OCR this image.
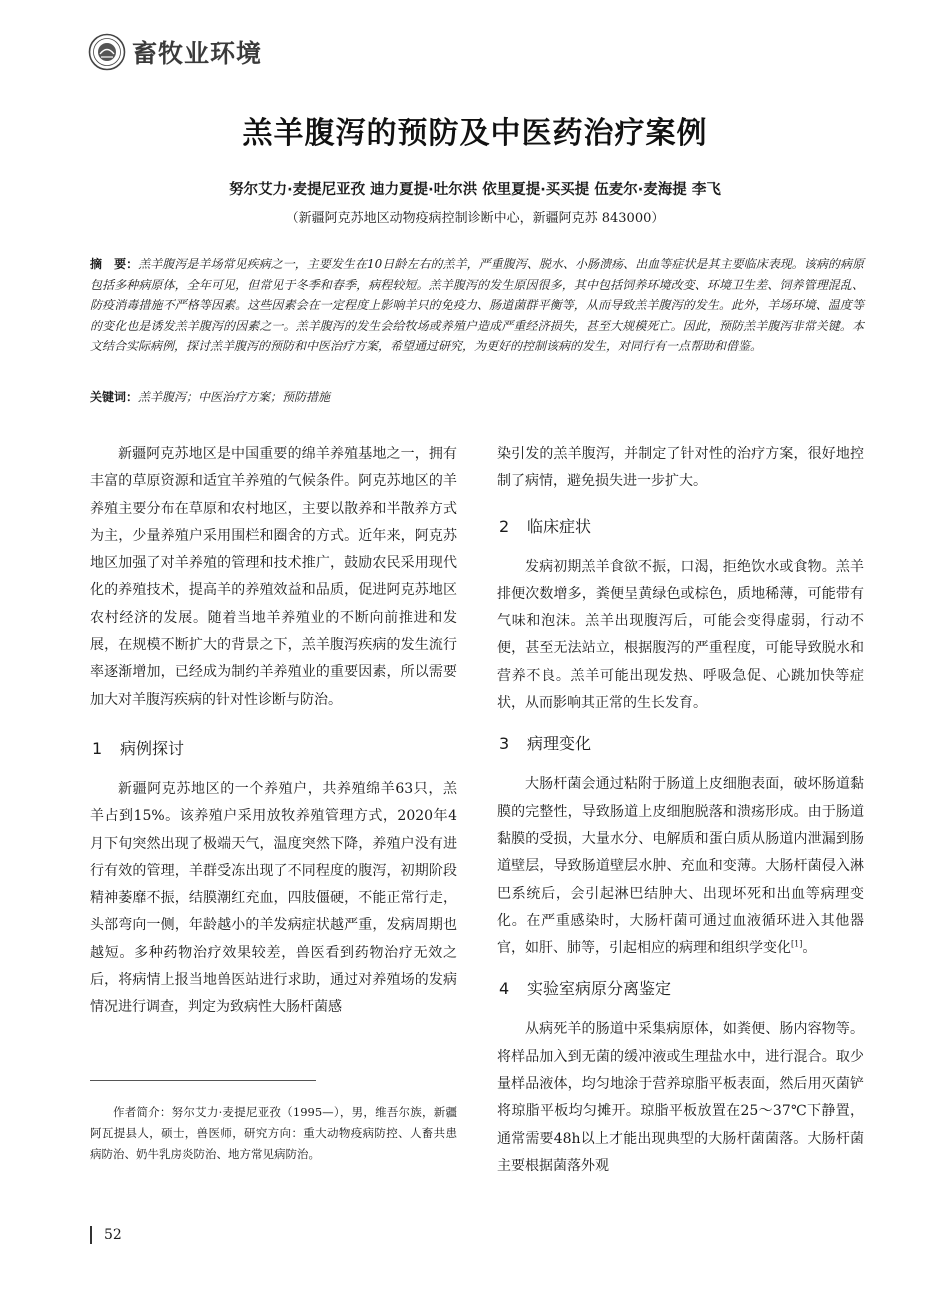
畜牧业环境
羔羊腹泻的预防及中医药治疗案例
努尔艾力·麦提尼亚孜 迪力夏提·吐尔洪 依里夏提·买买提 伍麦尔·麦海提 李飞
（新疆阿克苏地区动物疫病控制诊断中心，新疆阿克苏 843000）
摘　要：羔羊腹泻是羊场常见疾病之一，主要发生在10日龄左右的羔羊，严重腹泻、脱水、小肠溃疡、出血等症状是其主要临床表现。该病的病原包括多种病原体，全年可见，但常见于冬季和春季，病程较短。羔羊腹泻的发生原因很多，其中包括饲养环境改变、环境卫生差、饲养管理混乱、防疫消毒措施不严格等因素。这些因素会在一定程度上影响羊只的免疫力、肠道菌群平衡等，从而导致羔羊腹泻的发生。此外，羊场环境、温度等的变化也是诱发羔羊腹泻的因素之一。羔羊腹泻的发生会给牧场或养殖户造成严重经济损失，甚至大规模死亡。因此，预防羔羊腹泻非常关键。本文结合实际病例，探讨羔羊腹泻的预防和中医治疗方案，希望通过研究，为更好的控制该病的发生，对同行有一点帮助和借鉴。
关键词：羔羊腹泻；中医治疗方案；预防措施

新疆阿克苏地区是中国重要的绵羊养殖基地之一，拥有丰富的草原资源和适宜羊养殖的气候条件。阿克苏地区的羊养殖主要分布在草原和农村地区，主要以散养和半散养方式为主，少量养殖户采用围栏和圈舍的方式。近年来，阿克苏地区加强了对羊养殖的管理和技术推广，鼓励农民采用现代化的养殖技术，提高羊的养殖效益和品质，促进阿克苏地区农村经济的发展。随着当地羊养殖业的不断向前推进和发展，在规模不断扩大的背景之下，羔羊腹泻疾病的发生流行率逐渐增加，已经成为制约羊养殖业的重要因素，所以需要加大对羊腹泻疾病的针对性诊断与防治。

1 病例探讨

新疆阿克苏地区的一个养殖户，共养殖绵羊63只，羔羊占到15%。该养殖户采用放牧养殖管理方式，2020年4月下旬突然出现了极端天气，温度突然下降，养殖户没有进行有效的管理，羊群受冻出现了不同程度的腹泻，初期阶段精神萎靡不振，结膜潮红充血，四肢僵硬，不能正常行走，头部弯向一侧，年龄越小的羊发病症状越严重，发病周期也越短。多种药物治疗效果较差，兽医看到药物治疗无效之后，将病情上报当地兽医站进行求助，通过对养殖场的发病情况进行调查，判定为致病性大肠杆菌感

染引发的羔羊腹泻，并制定了针对性的治疗方案，很好地控制了病情，避免损失进一步扩大。

2 临床症状

发病初期羔羊食欲不振，口渴，拒绝饮水或食物。羔羊排便次数增多，粪便呈黄绿色或棕色，质地稀薄，可能带有气味和泡沫。羔羊出现腹泻后，可能会变得虚弱，行动不便，甚至无法站立，根据腹泻的严重程度，可能导致脱水和营养不良。羔羊可能出现发热、呼吸急促、心跳加快等症状，从而影响其正常的生长发育。

3 病理变化

大肠杆菌会通过粘附于肠道上皮细胞表面，破坏肠道黏膜的完整性，导致肠道上皮细胞脱落和溃疡形成。由于肠道黏膜的受损，大量水分、电解质和蛋白质从肠道内泄漏到肠道壁层，导致肠道壁层水肿、充血和变薄。大肠杆菌侵入淋巴系统后，会引起淋巴结肿大、出现坏死和出血等病理变化。在严重感染时，大肠杆菌可通过血液循环进入其他器官，如肝、肺等，引起相应的病理和组织学变化[1]。

4 实验室病原分离鉴定

从病死羊的肠道中采集病原体，如粪便、肠内容物等。将样品加入到无菌的缓冲液或生理盐水中，进行混合。取少量样品液体，均匀地涂于营养琼脂平板表面，然后用灭菌铲将琼脂平板均匀摊开。琼脂平板放置在25～37℃下静置，通常需要48h以上才能出现典型的大肠杆菌菌落。大肠杆菌主要根据菌落外观

作者简介：努尔艾力·麦提尼亚孜（1995—），男，维吾尔族，新疆阿瓦提县人，硕士，兽医师，研究方向：重大动物疫病防控、人畜共患病防治、奶牛乳房炎防治、地方常见病防治。
52
